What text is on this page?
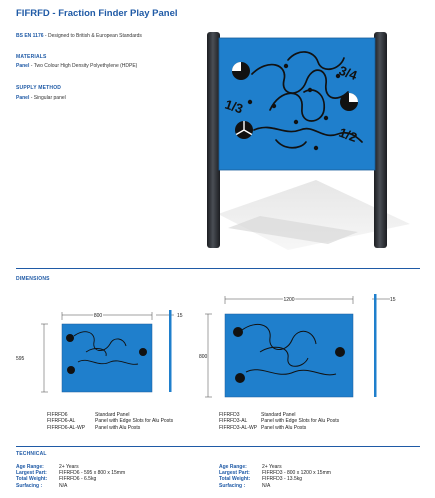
FIFRFD - Fraction Finder Play Panel
BS EN 1176 - Designed to British & European Standards
MATERIALS
Panel - Two Colour High Density Polyethylene (HDPE)
SUPPLY METHOD
Panel - Singular panel
3/4
1/3
1/2
DIMENSIONS
800
595
15
1200
800
15
FIFRFD6	Standard Panel
FIFRFD6-AL	Panel with Edge Slots for Alu Posts
FIFRFD6-AL-WP	Panel with Alu Posts
FIFRFD3	Standard Panel
FIFRFD3-AL	Panel with Edge Slots for Alu Posts
FIFRFD3-AL-WP Panel with Alu Posts
TECHNICAL
Age Range:	2+ Years
Largest Part:	FIFRFD6 - 595 x 800 x 15mm
Total Weight:	FIFRFD6 - 6.5kg
Surfacing :	N/A
Age Range:	2+ Years
Largest Part:	FIFRFD3 - 800 x 1200 x 15mm
Total Weight:	FIFRFD3 - 13.5kg
Surfacing :	N/A
